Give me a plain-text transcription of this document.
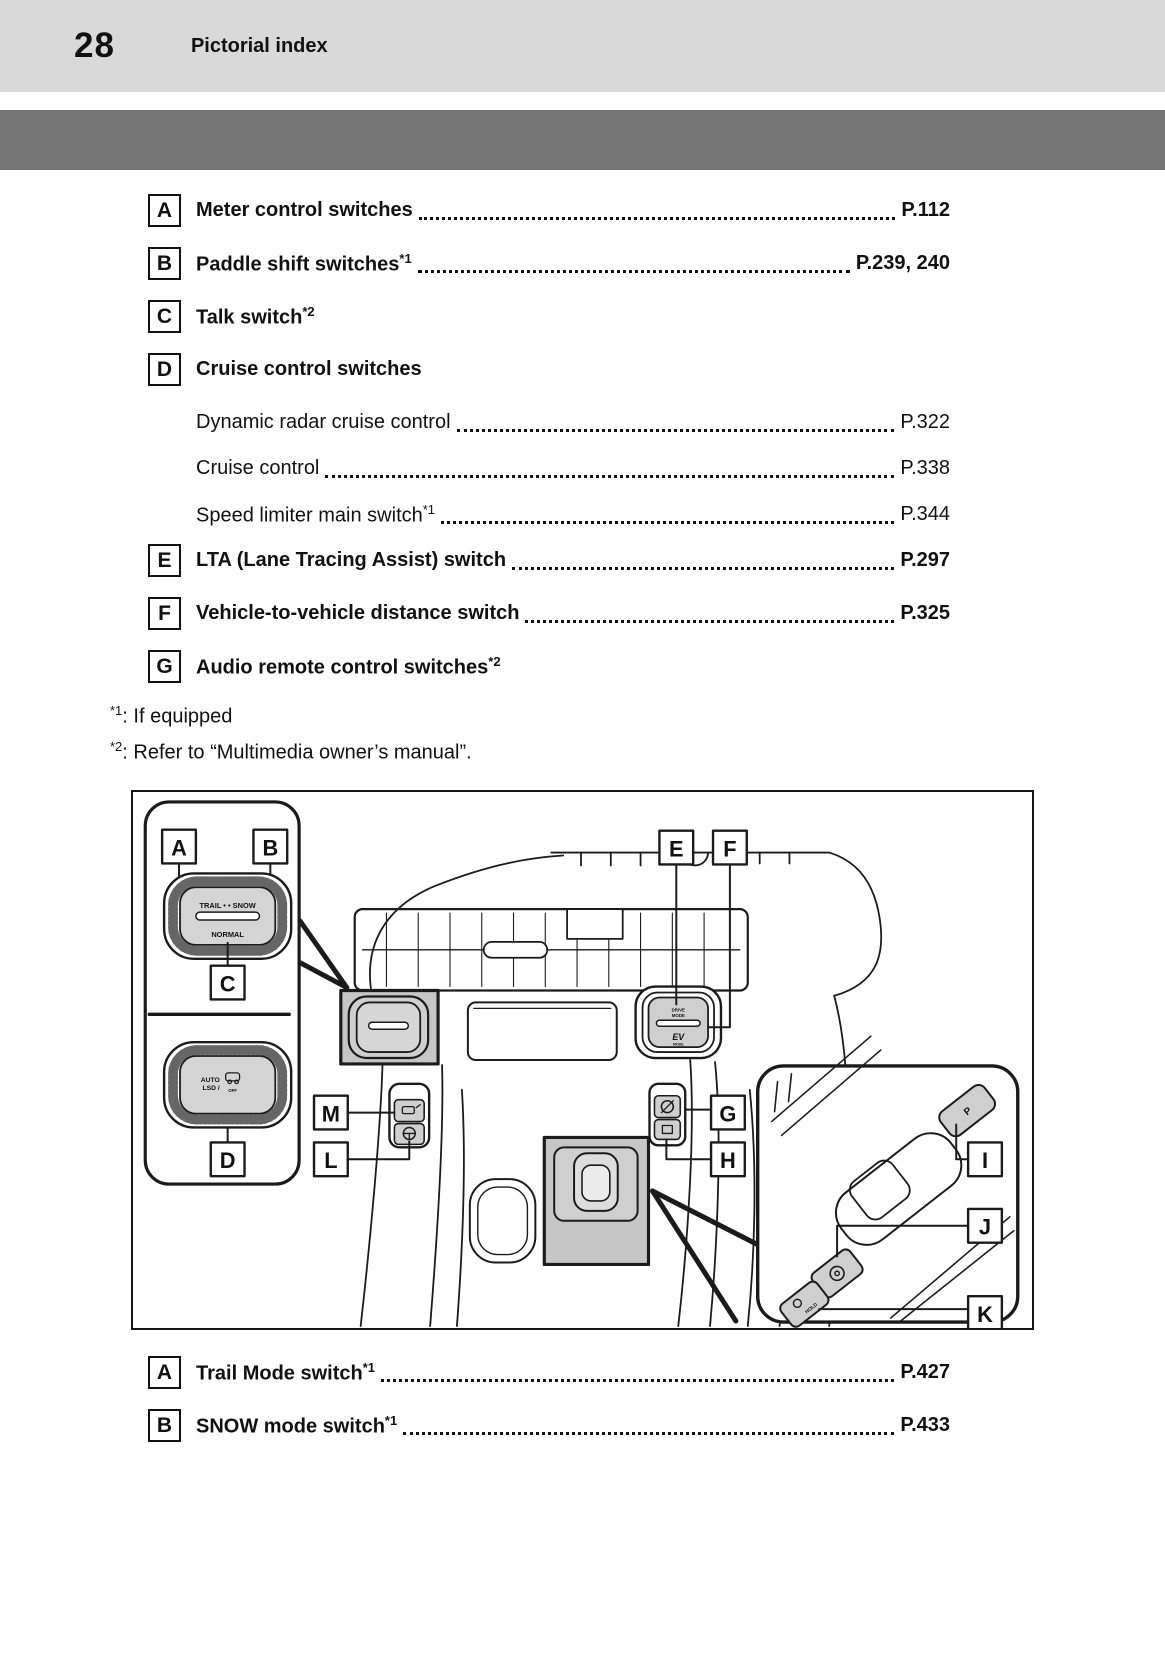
28	Pictorial index
A	Meter control switches	P.112
B	Paddle shift switches$^{*1}$	P.239, 240
C	Talk switch$^{*2}$
D	Cruise control switches
Dynamic radar cruise control	P.322
Cruise control	P.338
Speed limiter main switch$^{*1}$	P.344
E	LTA (Lane Tracing Assist) switch	P.297
F	Vehicle-to-vehicle distance switch	P.325
G	Audio remote control switches$^{*2}$
$^{*1}$: If equipped
$^{*2}$: Refer to “Multimedia owner’s manual”.
A	B
TRAIL • • SNOW
NORMAL
C
AUTO
LSD / OFF
D
DRIVE
MODE
EV
MODE
E F
M
L
G
H
P
HOLD
I
J
K
A	Trail Mode switch$^{*1}$	P.427
B	SNOW mode switch$^{*1}$	P.433
